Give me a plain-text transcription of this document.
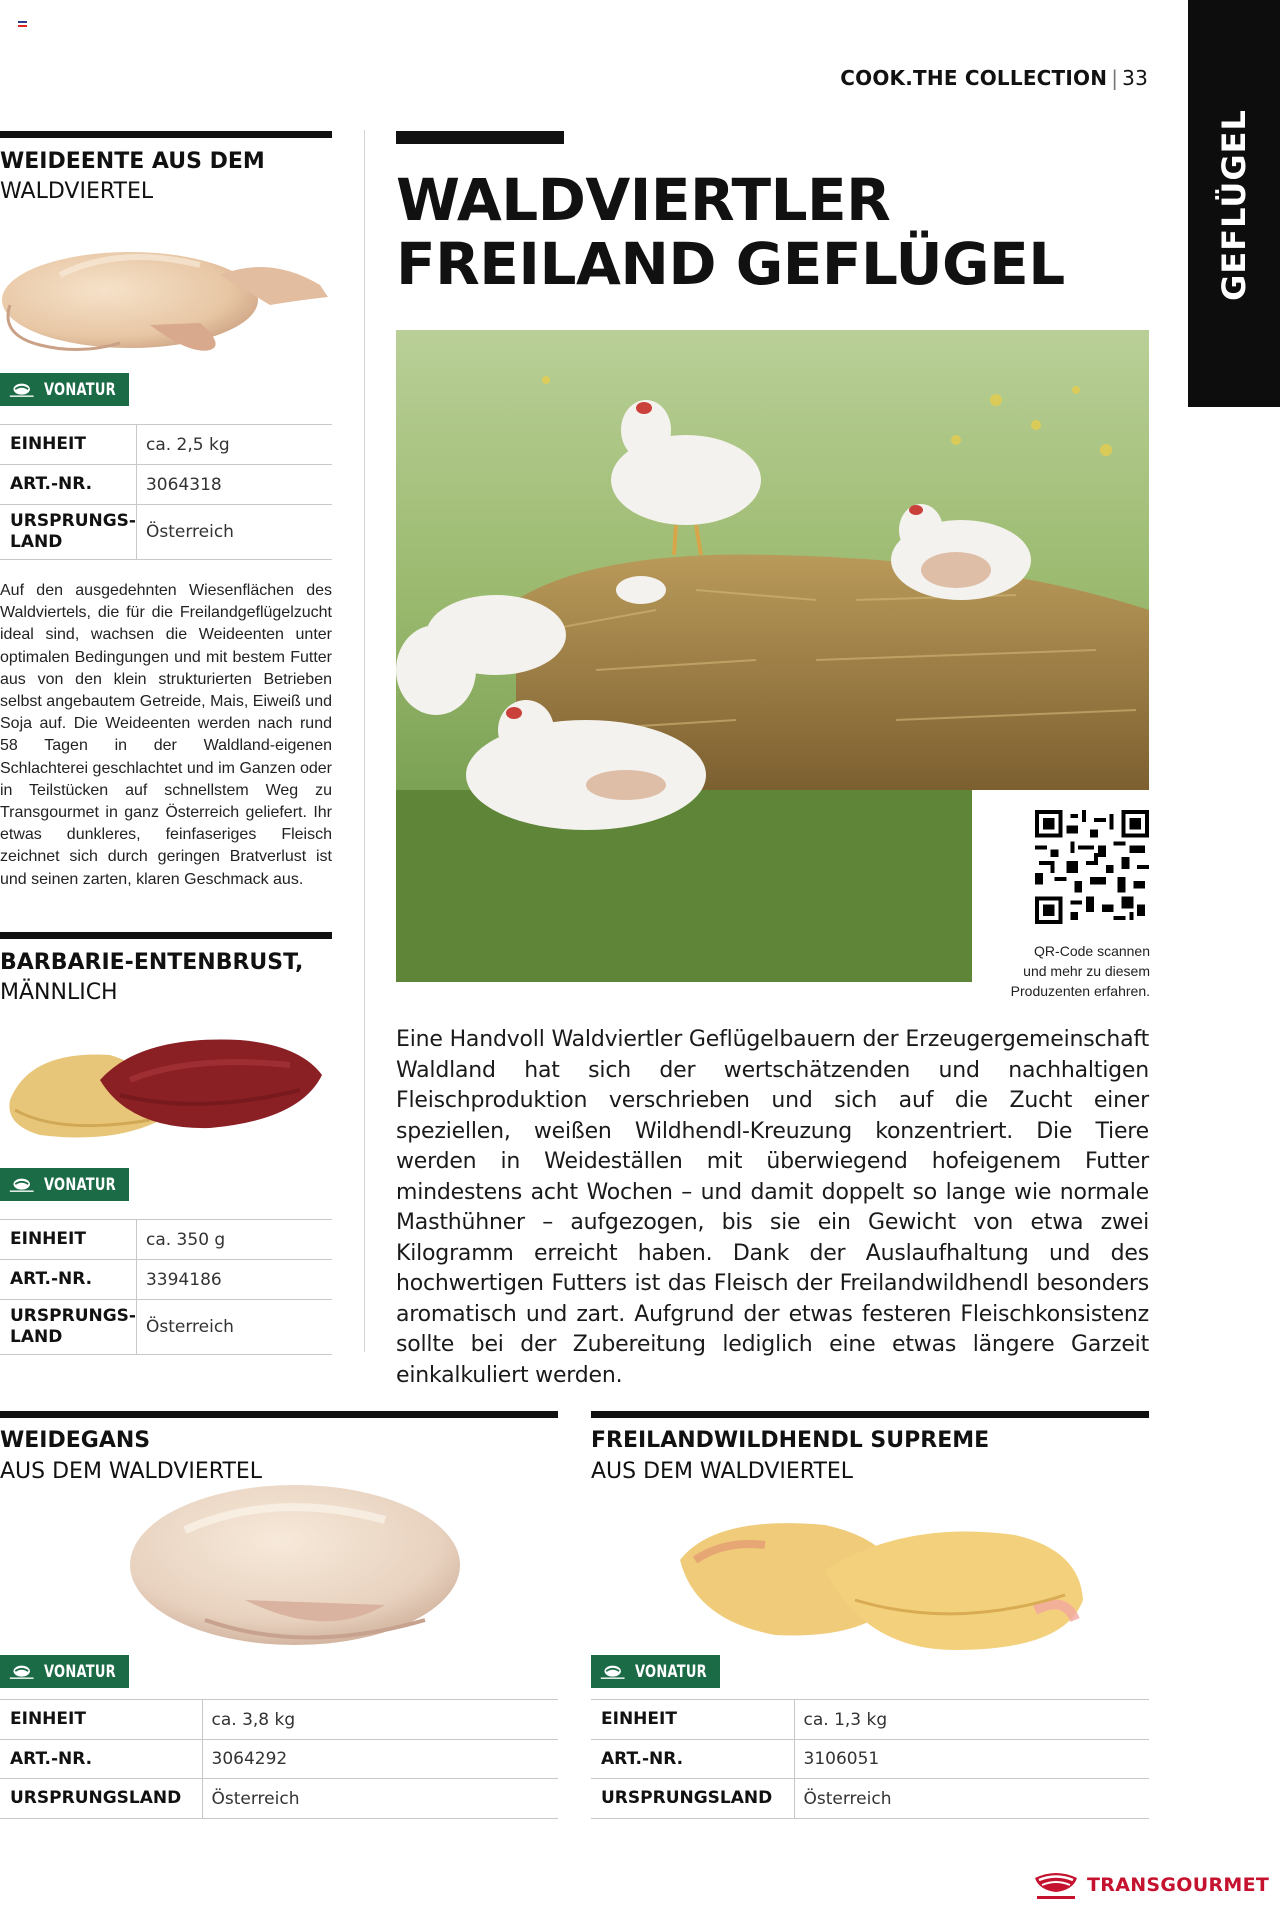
COOK.THE COLLECTION | 33
GEFLÜGEL
WEIDEENTE AUS DEM
WALDVIERTEL
VONATUR
EINHEIT	ca. 2,5 kg
ART.-NR.	3064318
URSPRUNGS-
LAND	Österreich
Auf den ausgedehnten Wiesenflächen des Waldviertels, die für die Freilandgeflügelzucht ideal sind, wachsen die Weideenten unter optimalen Bedingungen und mit bestem Futter aus von den klein strukturierten Betrieben selbst angebautem Getreide, Mais, Eiweiß und Soja auf. Die Weideenten werden nach rund 58 Tagen in der Waldland-eigenen Schlachterei geschlachtet und im Ganzen oder in Teilstücken auf schnellstem Weg zu Transgourmet in ganz Österreich geliefert. Ihr etwas dunkleres, feinfaseriges Fleisch zeichnet sich durch geringen Bratverlust ist und seinen zarten, klaren Geschmack aus.
BARBARIE-ENTENBRUST,
MÄNNLICH
VONATUR
EINHEIT	ca. 350 g
ART.-NR.	3394186
URSPRUNGS-
LAND	Österreich
WALDVIERTLER
FREILAND GEFLÜGEL
QR-Code scannen
und mehr zu diesem
Produzenten erfahren.
Eine Handvoll Waldviertler Geflügelbauern der Erzeugergemeinschaft Waldland hat sich der wertschätzenden und nachhaltigen Fleischproduktion verschrieben und sich auf die Zucht einer speziellen, weißen Wildhendl-Kreuzung konzentriert. Die Tiere werden in Weideställen mit überwiegend hofeigenem Futter mindestens acht Wochen – und damit doppelt so lange wie normale Masthühner – aufgezogen, bis sie ein Gewicht von etwa zwei Kilogramm erreicht haben. Dank der Auslaufhaltung und des hochwertigen Futters ist das Fleisch der Freilandwildhendl besonders aromatisch und zart. Aufgrund der etwas festeren Fleischkonsistenz sollte bei der Zubereitung lediglich eine etwas längere Garzeit einkalkuliert werden.
WEIDEGANS
AUS DEM WALDVIERTEL
VONATUR
EINHEIT	ca. 3,8 kg
ART.-NR.	3064292
URSPRUNGSLAND	Österreich
FREILANDWILDHENDL SUPREME
AUS DEM WALDVIERTEL
VONATUR
EINHEIT	ca. 1,3 kg
ART.-NR.	3106051
URSPRUNGSLAND	Österreich
TRANSGOURMET
